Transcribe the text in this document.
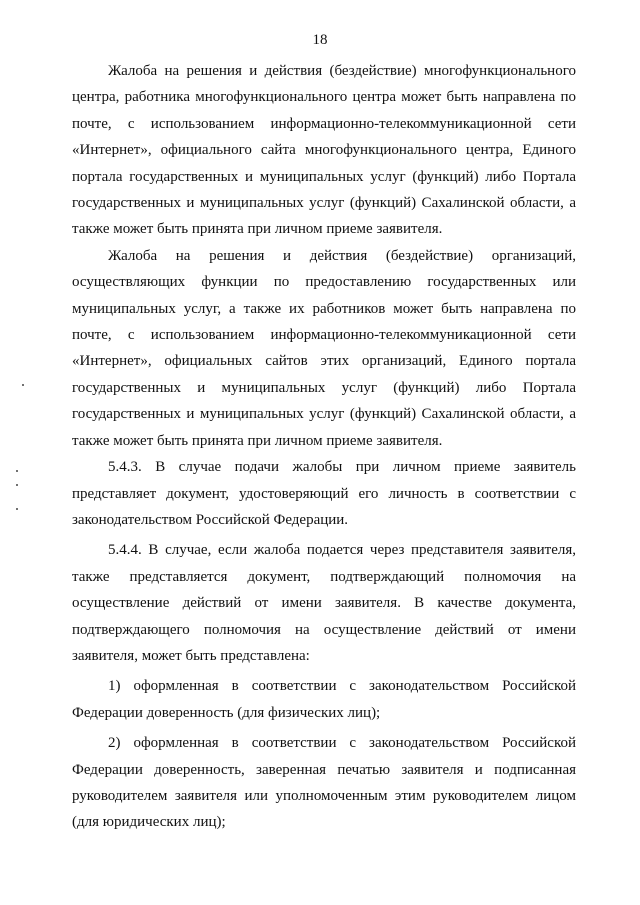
18
Жалоба на решения и действия (бездействие) многофункционального
центра, работника многофункционального центра может быть направлена по
почте, с использованием информационно-телекоммуникационной сети
«Интернет», официального сайта многофункционального центра, Единого
портала государственных и муниципальных услуг (функций) либо Портала
государственных и муниципальных услуг (функций) Сахалинской области, а
также может быть принята при личном приеме заявителя.
Жалоба на решения и действия (бездействие) организаций,
осуществляющих функции по предоставлению государственных или
муниципальных услуг, а также их работников может быть направлена по
почте, с использованием информационно-телекоммуникационной сети
«Интернет», официальных сайтов этих организаций, Единого портала
государственных и муниципальных услуг (функций) либо Портала
государственных и муниципальных услуг (функций) Сахалинской области, а
также может быть принята при личном приеме заявителя.
5.4.3. В случае подачи жалобы при личном приеме заявитель
представляет документ, удостоверяющий его личность в соответствии с
законодательством Российской Федерации.
5.4.4. В случае, если жалоба подается через представителя заявителя,
также представляется документ, подтверждающий полномочия на
осуществление действий от имени заявителя. В качестве документа,
подтверждающего полномочия на осуществление действий от имени
заявителя, может быть представлена:
1) оформленная в соответствии с законодательством Российской
Федерации доверенность (для физических лиц);
2) оформленная в соответствии с законодательством Российской
Федерации доверенность, заверенная печатью заявителя и подписанная
руководителем заявителя или уполномоченным этим руководителем лицом
(для юридических лиц);
